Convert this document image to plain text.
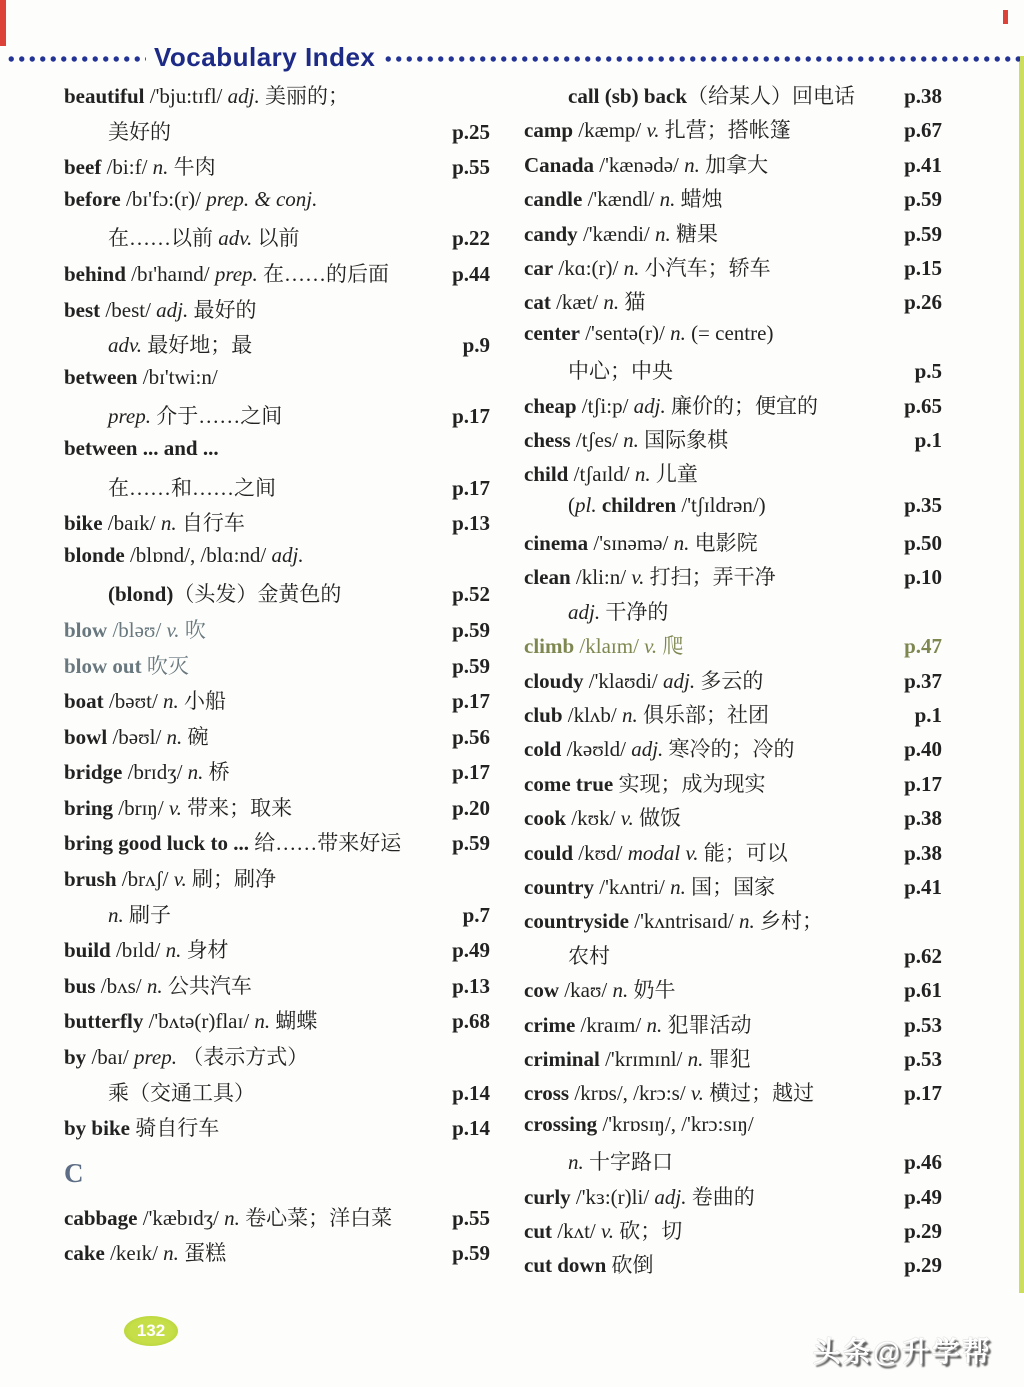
Vocabulary Index
beautiful /'bju:tɪfl/ adj. 美丽的；
美好的	p.25
beef /bi:f/ n. 牛肉	p.55
before /bɪ'fɔ:(r)/ prep. & conj.
在……以前 adv. 以前	p.22
behind /bɪ'haɪnd/ prep. 在……的后面	p.44
best /best/ adj. 最好的
adv. 最好地；最	p.9
between /bɪ'twi:n/
prep. 介于……之间	p.17
between ... and ...
在……和……之间	p.17
bike /baɪk/ n. 自行车	p.13
blonde /blɒnd/, /blɑ:nd/ adj.
(blond)（头发）金黄色的	p.52
blow /bləʊ/ v. 吹	p.59
blow out 吹灭	p.59
boat /bəʊt/ n. 小船	p.17
bowl /bəʊl/ n. 碗	p.56
bridge /brɪdʒ/ n. 桥	p.17
bring /brɪŋ/ v. 带来；取来	p.20
bring good luck to ... 给……带来好运 p.59
brush /brʌʃ/ v. 刷；刷净
n. 刷子	p.7
build /bɪld/ n. 身材	p.49
bus /bʌs/ n. 公共汽车	p.13
butterfly /'bʌtə(r)flaɪ/ n. 蝴蝶	p.68
by /baɪ/ prep. （表示方式）
乘（交通工具）	p.14
by bike 骑自行车	p.14
C
cabbage /'kæbɪdʒ/ n. 卷心菜；洋白菜	p.55
cake /keɪk/ n. 蛋糕	p.59
call (sb) back（给某人）回电话 p.38
camp /kæmp/ v. 扎营；搭帐篷	p.67
Canada /'kænədə/ n. 加拿大	p.41
candle /'kændl/ n. 蜡烛	p.59
candy /'kændi/ n. 糖果	p.59
car /kɑ:(r)/ n. 小汽车；轿车	p.15
cat /kæt/ n. 猫	p.26
center /'sentə(r)/ n. (= centre)
中心；中央	p.5
cheap /tʃi:p/ adj. 廉价的；便宜的	p.65
chess /tʃes/ n. 国际象棋	p.1
child /tʃaɪld/ n. 儿童
(pl. children /'tʃɪldrən/)	p.35
cinema /'sɪnəmə/ n. 电影院	p.50
clean /kli:n/ v. 打扫；弄干净	p.10
adj. 干净的
climb /klaɪm/ v. 爬	p.47
cloudy /'klaʊdi/ adj. 多云的	p.37
club /klʌb/ n. 俱乐部；社团	p.1
cold /kəʊld/ adj. 寒冷的；冷的	p.40
come true 实现；成为现实	p.17
cook /kʊk/ v. 做饭	p.38
could /kʊd/ modal v. 能；可以	p.38
country /'kʌntri/ n. 国；国家	p.41
countryside /'kʌntrisaɪd/ n. 乡村；
农村	p.62
cow /kaʊ/ n. 奶牛	p.61
crime /kraɪm/ n. 犯罪活动	p.53
criminal /'krɪmɪnl/ n. 罪犯	p.53
cross /krɒs/, /krɔ:s/ v. 横过；越过	p.17
crossing /'krɒsɪŋ/, /'krɔ:sɪŋ/
n. 十字路口	p.46
curly /'kɜ:(r)li/ adj. 卷曲的	p.49
cut /kʌt/ v. 砍；切	p.29
cut down 砍倒	p.29
132
头条@升学帮
